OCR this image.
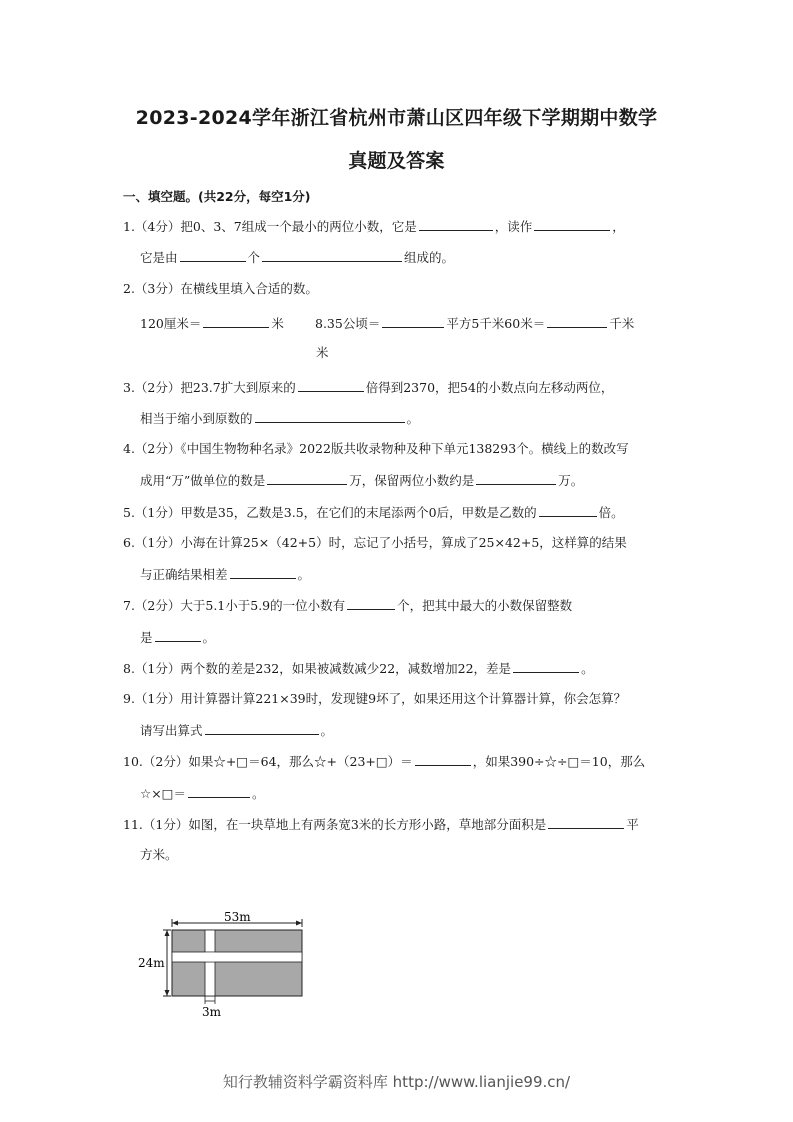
2023-2024学年浙江省杭州市萧山区四年级下学期期中数学
真题及答案
一、填空题。(共22分，每空1分)
1.（4分）把0、3、7组成一个最小的两位小数，它是	，读作	，
它是由	个	组成的。
2.（3分）在横线里填入合适的数。
120厘米＝	米 8.35公顷＝	平方5千米60米＝	千米
米
3.（2分）把23.7扩大到原来的	倍得到2370，把54的小数点向左移动两位，
相当于缩小到原数的	。
4.（2分）《中国生物物种名录》2022版共收录物种及种下单元138293个。横线上的数改写
成用“万”做单位的数是	万，保留两位小数约是	万。
5.（1分）甲数是35，乙数是3.5，在它们的末尾添两个0后，甲数是乙数的	倍。
6.（1分）小海在计算25×（42+5）时，忘记了小括号，算成了25×42+5，这样算的结果
与正确结果相差	。
7.（2分）大于5.1小于5.9的一位小数有	个，把其中最大的小数保留整数
是	。
8.（1分）两个数的差是232，如果被减数减少22，减数增加22，差是	。
9.（1分）用计算器计算221×39时，发现键9坏了，如果还用这个计算器计算，你会怎算？
请写出算式	。
10.（2分）如果☆+□＝64，那么☆+（23+□）＝	，如果390÷☆÷□＝10，那么
☆×□＝	。
11.（1分）如图，在一块草地上有两条宽3米的长方形小路，草地部分面积是	平
方米。
53m
24m
3m
知行教辅资料学霸资料库 http://www.lianjie99.cn/
